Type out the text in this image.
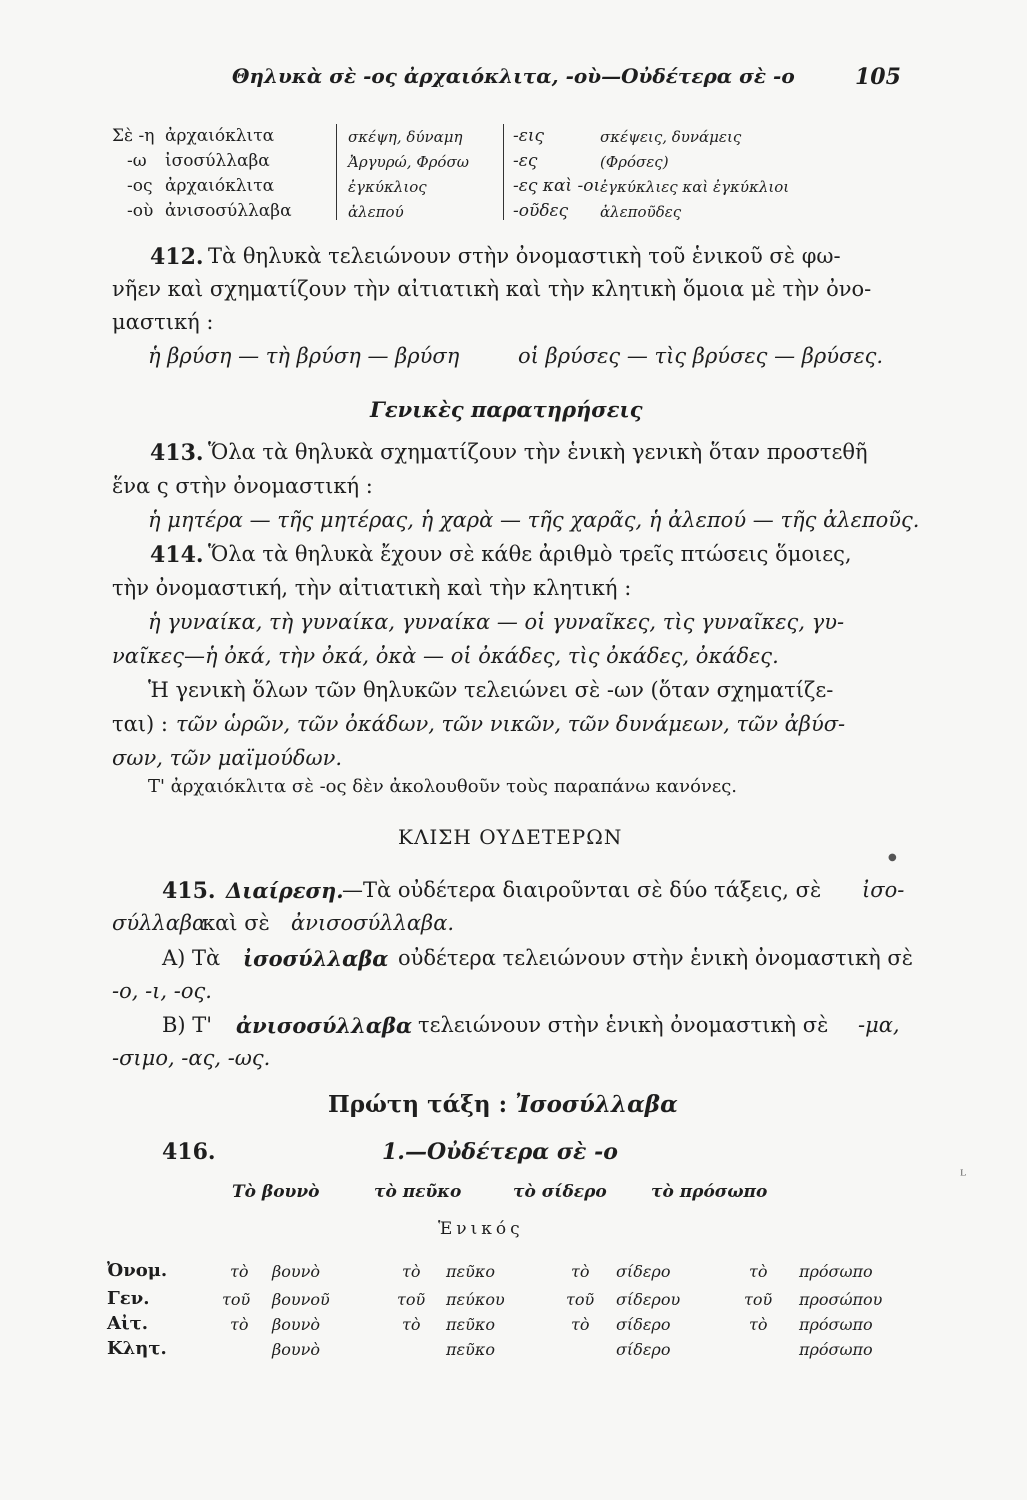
Θηλυκὰ σὲ -ος ἀρχαιόκλιτα, -οὺ—Οὐδέτερα σὲ -ο	105
Σὲ -η ἀρχαιόκλιτα	σκέψη, δύναμη	-εις	σκέψεις, δυνάμεις
-ω ἰσοσύλλαβα	Ἀργυρώ, Φρόσω	-ες	(Φρόσες)
-ος ἀρχαιόκλιτα	ἐγκύκλιος	-ες καὶ -οι ἐγκύκλιες καὶ ἐγκύκλιοι
-οὺ ἀνισοσύλλαβα	ἀλεπού	-οῦδες ἀλεποῦδες
412. Τὰ θηλυκὰ τελειώνουν στὴν ὀνομαστικὴ τοῦ ἑνικοῦ σὲ φω-
νῆεν καὶ σχηματίζουν τὴν αἰτιατικὴ καὶ τὴν κλητικὴ ὅμοια μὲ τὴν ὀνο-
μαστική :
ἡ βρύση — τὴ βρύση — βρύση	οἱ βρύσες — τὶς βρύσες — βρύσες.
Γενικὲς παρατηρήσεις
413. Ὅλα τὰ θηλυκὰ σχηματίζουν τὴν ἑνικὴ γενικὴ ὅταν προστεθῆ
ἕνα ς στὴν ὀνομαστική :
ἡ μητέρα — τῆς μητέρας, ἡ χαρὰ — τῆς χαρᾶς, ἡ ἀλεπού — τῆς ἀλεποῦς.
414. Ὅλα τὰ θηλυκὰ ἔχουν σὲ κάθε ἀριθμὸ τρεῖς πτώσεις ὅμοιες,
τὴν ὀνομαστική, τὴν αἰτιατικὴ καὶ τὴν κλητική :
ἡ γυναίκα, τὴ γυναίκα, γυναίκα — οἱ γυναῖκες, τὶς γυναῖκες, γυ-
ναῖκες—ἡ ὀκά, τὴν ὀκά, ὀκὰ — οἱ ὀκάδες, τὶς ὀκάδες, ὀκάδες.
Ἡ γενικὴ ὅλων τῶν θηλυκῶν τελειώνει σὲ -ων (ὅταν σχηματίζε-
ται) : τῶν ὡρῶν, τῶν ὀκάδων, τῶν νικῶν, τῶν δυνάμεων, τῶν ἀβύσ-
σων, τῶν μαϊμούδων.
Τ' ἀρχαιόκλιτα σὲ -ος δὲν ἀκολουθοῦν τοὺς παραπάνω κανόνες.
ΚΛΙΣΗ ΟΥΔΕΤΕΡΩΝ
415. Διαίρεση.
—Τὰ οὐδέτερα διαιροῦνται σὲ δύο τάξεις, σὲ ἰσο-
σύλλαβα
καὶ σὲ ἀνισοσύλλαβα.
Α) Τὰ ἰσοσύλλαβα οὐδέτερα τελειώνουν στὴν ἑνικὴ ὀνομαστικὴ σὲ
-ο, -ι, -ος.
Β) Τ' ἀνισοσύλλαβα τελειώνουν στὴν ἑνικὴ ὀνομαστικὴ σὲ -μα,
-σιμο, -ας, -ως.
Πρώτη τάξη : Ἰσοσύλλαβα
416.	1.—Οὐδέτερα σὲ -ο
Τὸ βουνὸ	τὸ πεῦκο	τὸ σίδερο	τὸ πρόσωπο
Ἑνικός
Ὀνομ.	τὸ βουνὸ	τὸ πεῦκο	τὸ σίδερο	τὸ πρόσωπο
Γεν.	τοῦ βουνοῦ	τοῦ πεύκου	τοῦ σίδερου	τοῦ προσώπου
Αἰτ.	τὸ βουνὸ	τὸ πεῦκο	τὸ σίδερο	τὸ πρόσωπο
Κλητ.	βουνὸ	πεῦκο	σίδερο	πρόσωπο
●
ᴸ
